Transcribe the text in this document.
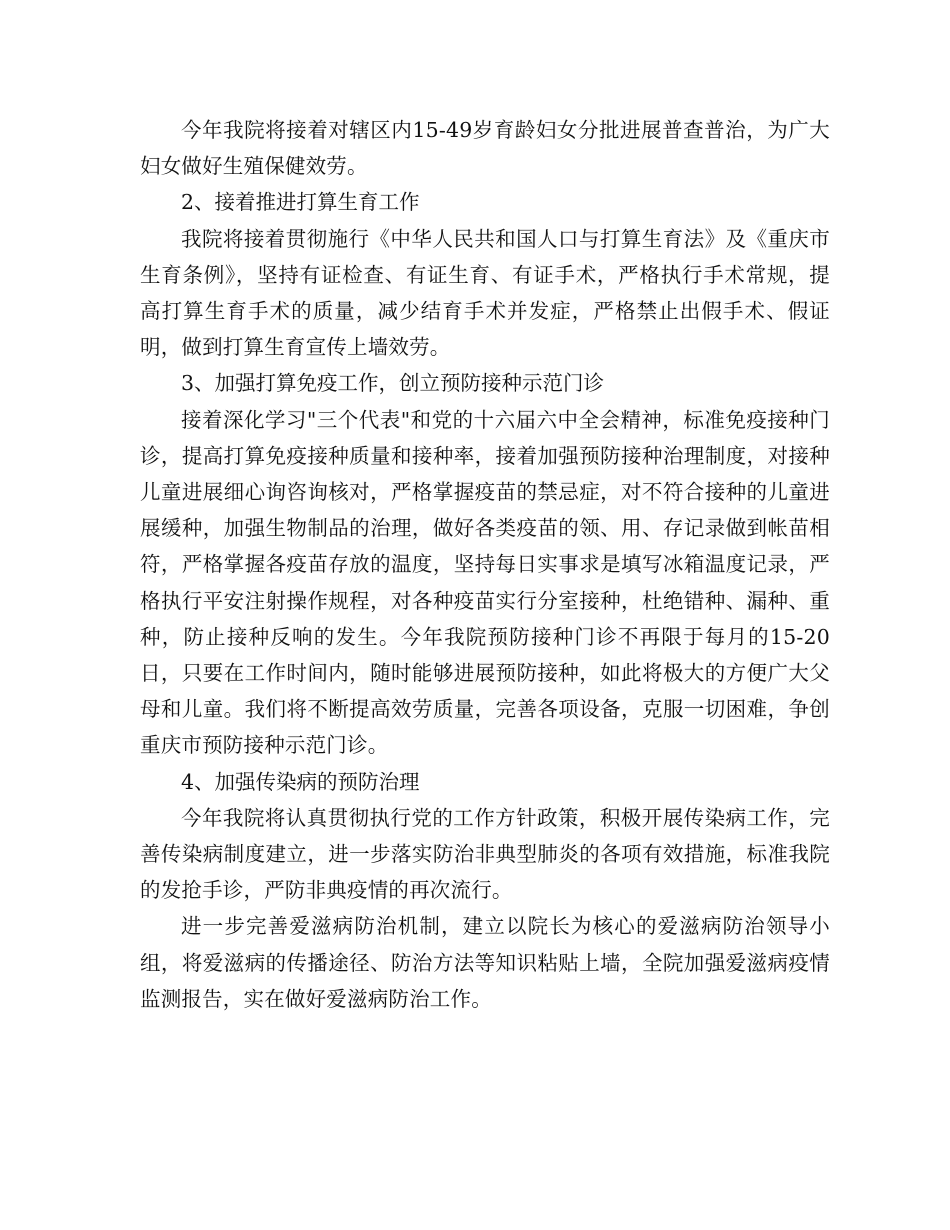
今年我院将接着对辖区内15-49岁育龄妇女分批进展普查普治，为广大妇女做好生殖保健效劳。

2、接着推进打算生育工作

我院将接着贯彻施行《中华人民共和国人口与打算生育法》及《重庆市生育条例》，坚持有证检查、有证生育、有证手术，严格执行手术常规，提高打算生育手术的质量，减少结育手术并发症，严格禁止出假手术、假证明，做到打算生育宣传上墙效劳。

3、加强打算免疫工作，创立预防接种示范门诊

接着深化学习"三个代表"和党的十六届六中全会精神，标准免疫接种门诊，提高打算免疫接种质量和接种率，接着加强预防接种治理制度，对接种儿童进展细心询咨询核对，严格掌握疫苗的禁忌症，对不符合接种的儿童进展缓种，加强生物制品的治理，做好各类疫苗的领、用、存记录做到帐苗相符，严格掌握各疫苗存放的温度，坚持每日实事求是填写冰箱温度记录，严格执行平安注射操作规程，对各种疫苗实行分室接种，杜绝错种、漏种、重种，防止接种反响的发生。今年我院预防接种门诊不再限于每月的15-20日，只要在工作时间内，随时能够进展预防接种，如此将极大的方便广大父母和儿童。我们将不断提高效劳质量，完善各项设备，克服一切困难，争创重庆市预防接种示范门诊。

4、加强传染病的预防治理

今年我院将认真贯彻执行党的工作方针政策，积极开展传染病工作，完善传染病制度建立，进一步落实防治非典型肺炎的各项有效措施，标准我院的发抢手诊，严防非典疫情的再次流行。

进一步完善爱滋病防治机制，建立以院长为核心的爱滋病防治领导小组，将爱滋病的传播途径、防治方法等知识粘贴上墙，全院加强爱滋病疫情监测报告，实在做好爱滋病防治工作。
